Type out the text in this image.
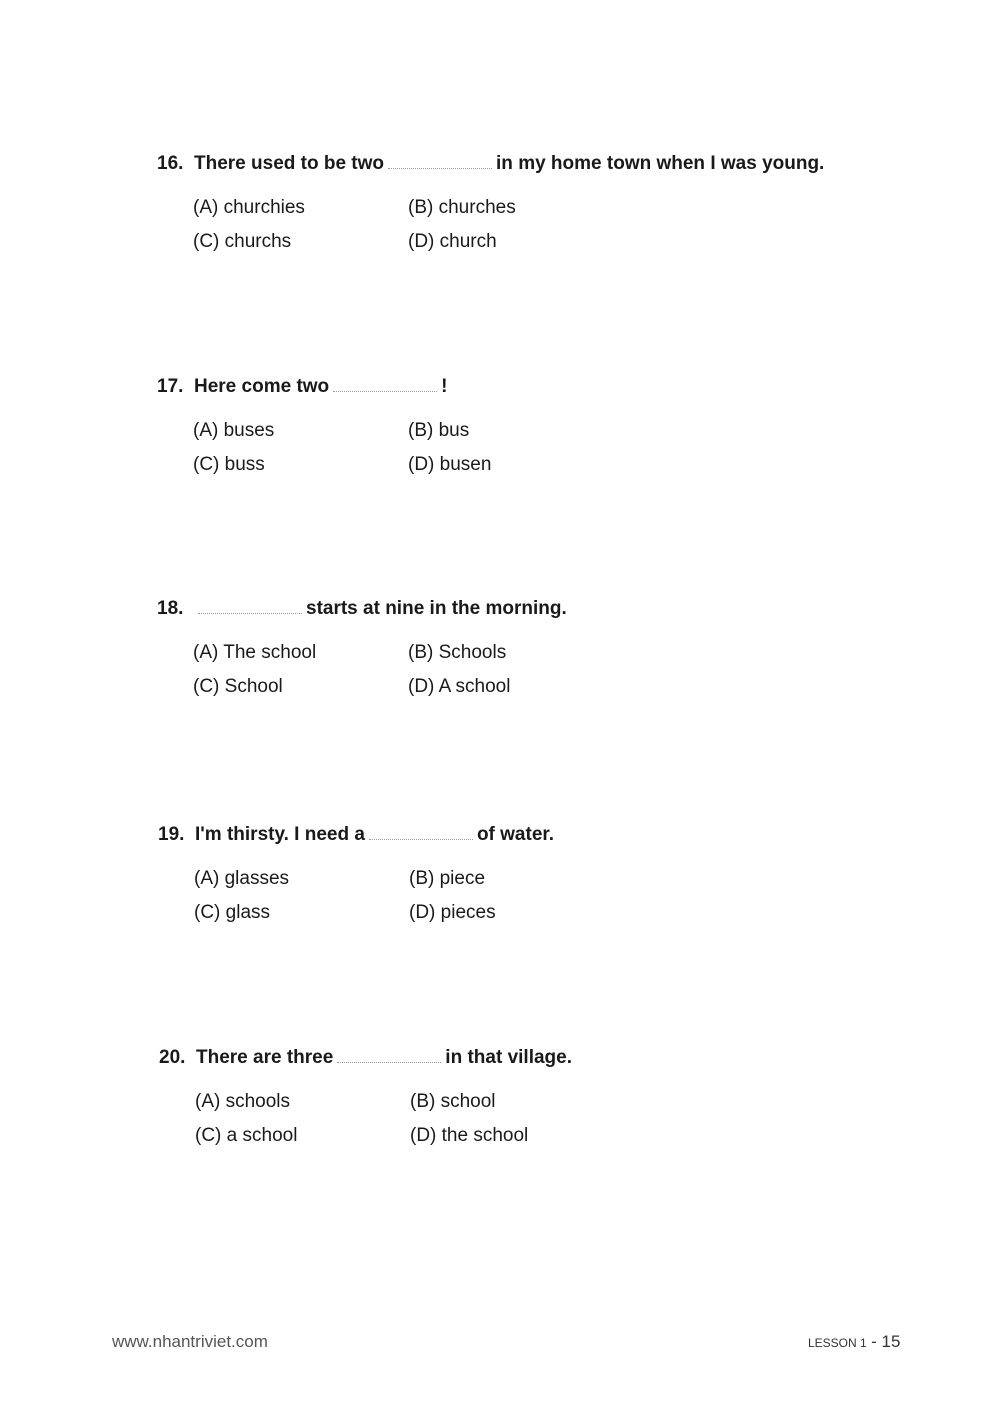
16. There used to be two	in my home town when I was young.
(A) churchies	(B) churches
(C) churchs	(D) church
17. Here come two	!
(A) buses	(B) bus
(C) buss	(D) busen
18.	starts at nine in the morning.
(A) The school	(B) Schools
(C) School	(D) A school
19. I'm thirsty. I need a	of water.
(A) glasses	(B) piece
(C) glass	(D) pieces
20. There are three	in that village.
(A) schools	(B) school
(C) a school	(D) the school
www.nhantriviet.com	LESSON 1 - 15
